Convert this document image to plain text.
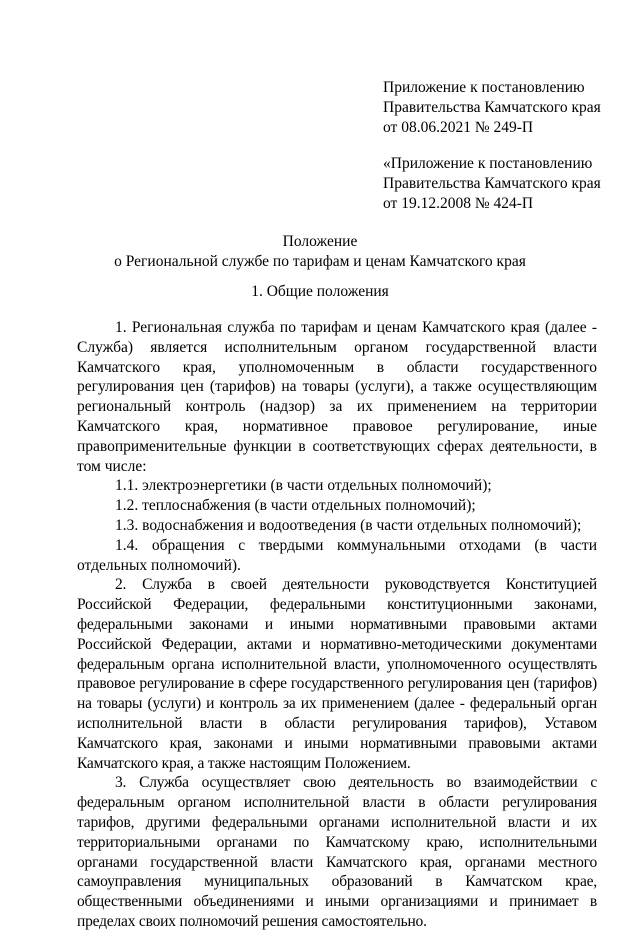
Приложение к постановлению
Правительства Камчатского края
от 08.06.2021 № 249-П
«Приложение к постановлению
Правительства Камчатского края
от 19.12.2008 № 424-П
Положение
о Региональной службе по тарифам и ценам Камчатского края
1. Общие положения

1. Региональная служба по тарифам и ценам Камчатского края (далее - Служба) является исполнительным органом государственной власти Камчатского края, уполномоченным в области государственного регулирования цен (тарифов) на товары (услуги), а также осуществляющим региональный контроль (надзор) за их применением на территории Камчатского края, нормативное правовое регулирование, иные правоприменительные функции в соответствующих сферах деятельности, в том числе:

1.1. электроэнергетики (в части отдельных полномочий);

1.2. теплоснабжения (в части отдельных полномочий);

1.3. водоснабжения и водоотведения (в части отдельных полномочий);

1.4. обращения с твердыми коммунальными отходами (в части отдельных полномочий).

2. Служба в своей деятельности руководствуется Конституцией Российской Федерации, федеральными конституционными законами, федеральными законами и иными нормативными правовыми актами Российской Федерации, актами и нормативно-методическими документами федеральным органа исполнительной власти, уполномоченного осуществлять правовое регулирование в сфере государственного регулирования цен (тарифов) на товары (услуги) и контроль за их применением (далее - федеральный орган исполнительной власти в области регулирования тарифов), Уставом Камчатского края, законами и иными нормативными правовыми актами Камчатского края, а также настоящим Положением.

3. Служба осуществляет свою деятельность во взаимодействии с федеральным органом исполнительной власти в области регулирования тарифов, другими федеральными органами исполнительной власти и их территориальными органами по Камчатскому краю, исполнительными органами государственной власти Камчатского края, органами местного самоуправления муниципальных образований в Камчатском крае, общественными объединениями и иными организациями и принимает в пределах своих полномочий решения самостоятельно.
